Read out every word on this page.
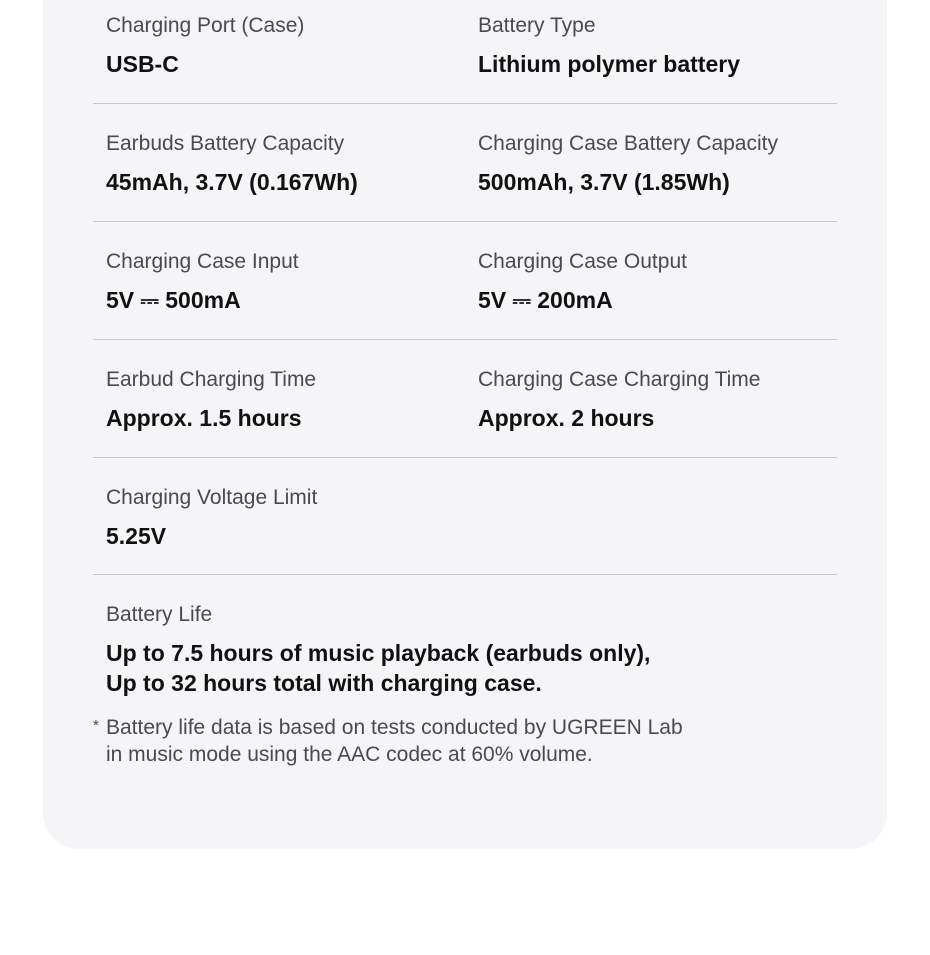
Charging Port (Case)
USB-C
Battery Type
Lithium polymer battery
Earbuds Battery Capacity
45mAh, 3.7V (0.167Wh)
Charging Case Battery Capacity
500mAh, 3.7V (1.85Wh)
Charging Case Input
5V ⎓ 500mA
Charging Case Output
5V ⎓ 200mA
Earbud Charging Time
Approx. 1.5 hours
Charging Case Charging Time
Approx. 2 hours
Charging Voltage Limit
5.25V
Battery Life
Up to 7.5 hours of music playback (earbuds only),
Up to 32 hours total with charging case.
* Battery life data is based on tests conducted by UGREEN Lab
in music mode using the AAC codec at 60% volume.
